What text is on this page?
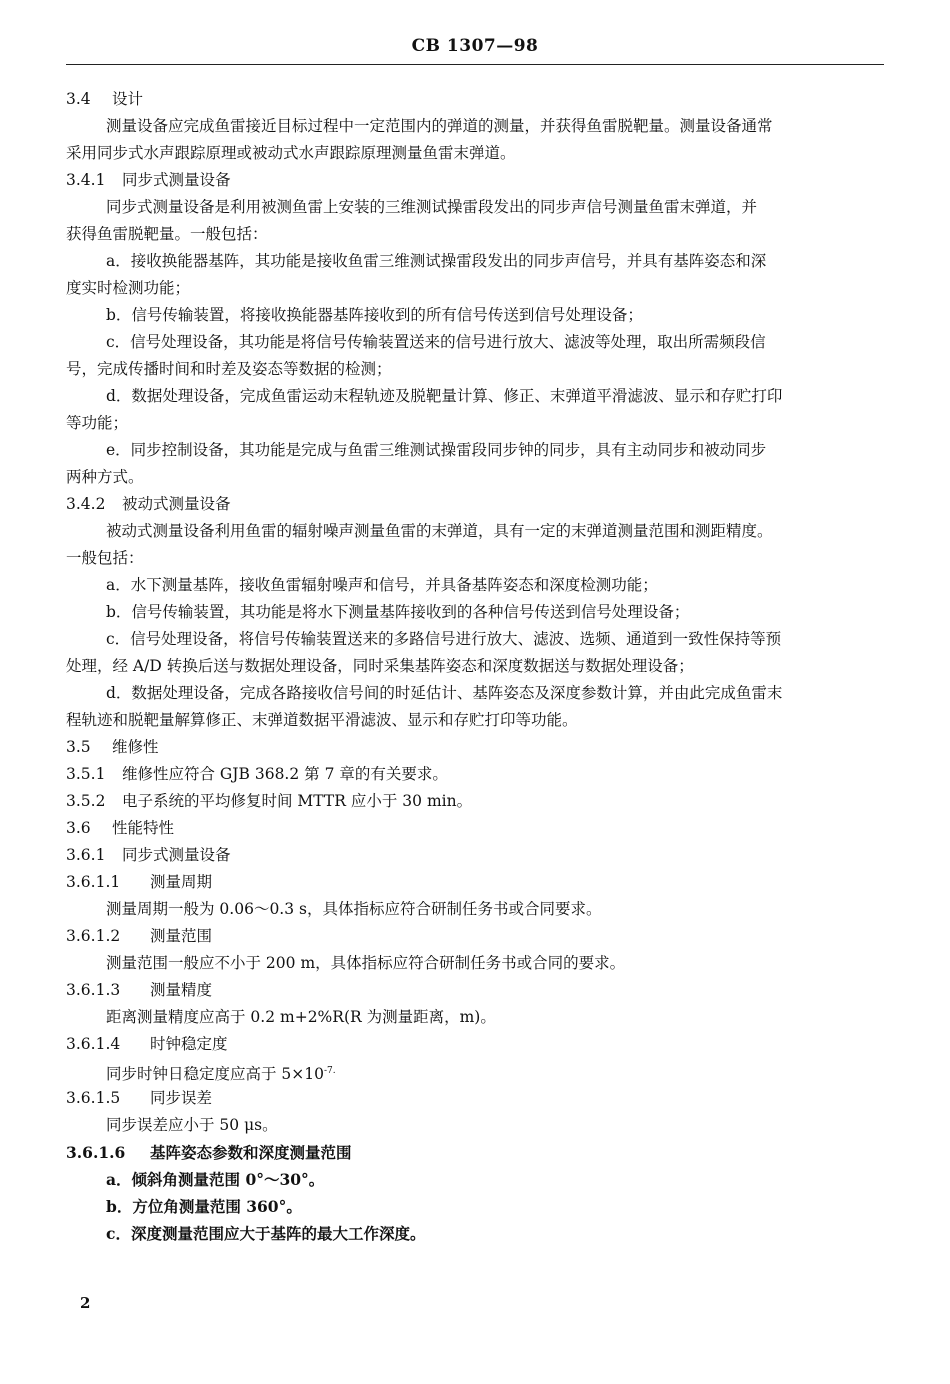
CB 1307—98
3.4 设计
测量设备应完成鱼雷接近目标过程中一定范围内的弹道的测量，并获得鱼雷脱靶量。测量设备通常
采用同步式水声跟踪原理或被动式水声跟踪原理测量鱼雷末弹道。
3.4.1 同步式测量设备
同步式测量设备是利用被测鱼雷上安装的三维测试操雷段发出的同步声信号测量鱼雷末弹道，并
获得鱼雷脱靶量。一般包括：
a．接收换能器基阵，其功能是接收鱼雷三维测试操雷段发出的同步声信号，并具有基阵姿态和深
度实时检测功能；
b．信号传输装置，将接收换能器基阵接收到的所有信号传送到信号处理设备；
c．信号处理设备，其功能是将信号传输装置送来的信号进行放大、滤波等处理，取出所需频段信
号，完成传播时间和时差及姿态等数据的检测；
d．数据处理设备，完成鱼雷运动末程轨迹及脱靶量计算、修正、末弹道平滑滤波、显示和存贮打印
等功能；
e．同步控制设备，其功能是完成与鱼雷三维测试操雷段同步钟的同步，具有主动同步和被动同步
两种方式。
3.4.2 被动式测量设备
被动式测量设备利用鱼雷的辐射噪声测量鱼雷的末弹道，具有一定的末弹道测量范围和测距精度。
一般包括：
a．水下测量基阵，接收鱼雷辐射噪声和信号，并具备基阵姿态和深度检测功能；
b．信号传输装置，其功能是将水下测量基阵接收到的各种信号传送到信号处理设备；
c．信号处理设备，将信号传输装置送来的多路信号进行放大、滤波、选频、通道到一致性保持等预
处理，经 A/D 转换后送与数据处理设备，同时采集基阵姿态和深度数据送与数据处理设备；
d．数据处理设备，完成各路接收信号间的时延估计、基阵姿态及深度参数计算，并由此完成鱼雷末
程轨迹和脱靶量解算修正、末弹道数据平滑滤波、显示和存贮打印等功能。
3.5 维修性
3.5.1 维修性应符合 GJB 368.2 第 7 章的有关要求。
3.5.2 电子系统的平均修复时间 MTTR 应小于 30 min。
3.6 性能特性
3.6.1 同步式测量设备
3.6.1.1 测量周期
测量周期一般为 0.06～0.3 s，具体指标应符合研制任务书或合同要求。
3.6.1.2 测量范围
测量范围一般应不小于 200 m，具体指标应符合研制任务书或合同的要求。
3.6.1.3 测量精度
距离测量精度应高于 0.2 m+2%R(R 为测量距离，m)。
3.6.1.4 时钟稳定度
同步时钟日稳定度应高于 $5\times 10^{-7.}$
3.6.1.5 同步误差
同步误差应小于 50 μs。
3.6.1.6 基阵姿态参数和深度测量范围
a．倾斜角测量范围 0°～30°。
b．方位角测量范围 360°。
c．深度测量范围应大于基阵的最大工作深度。
2
